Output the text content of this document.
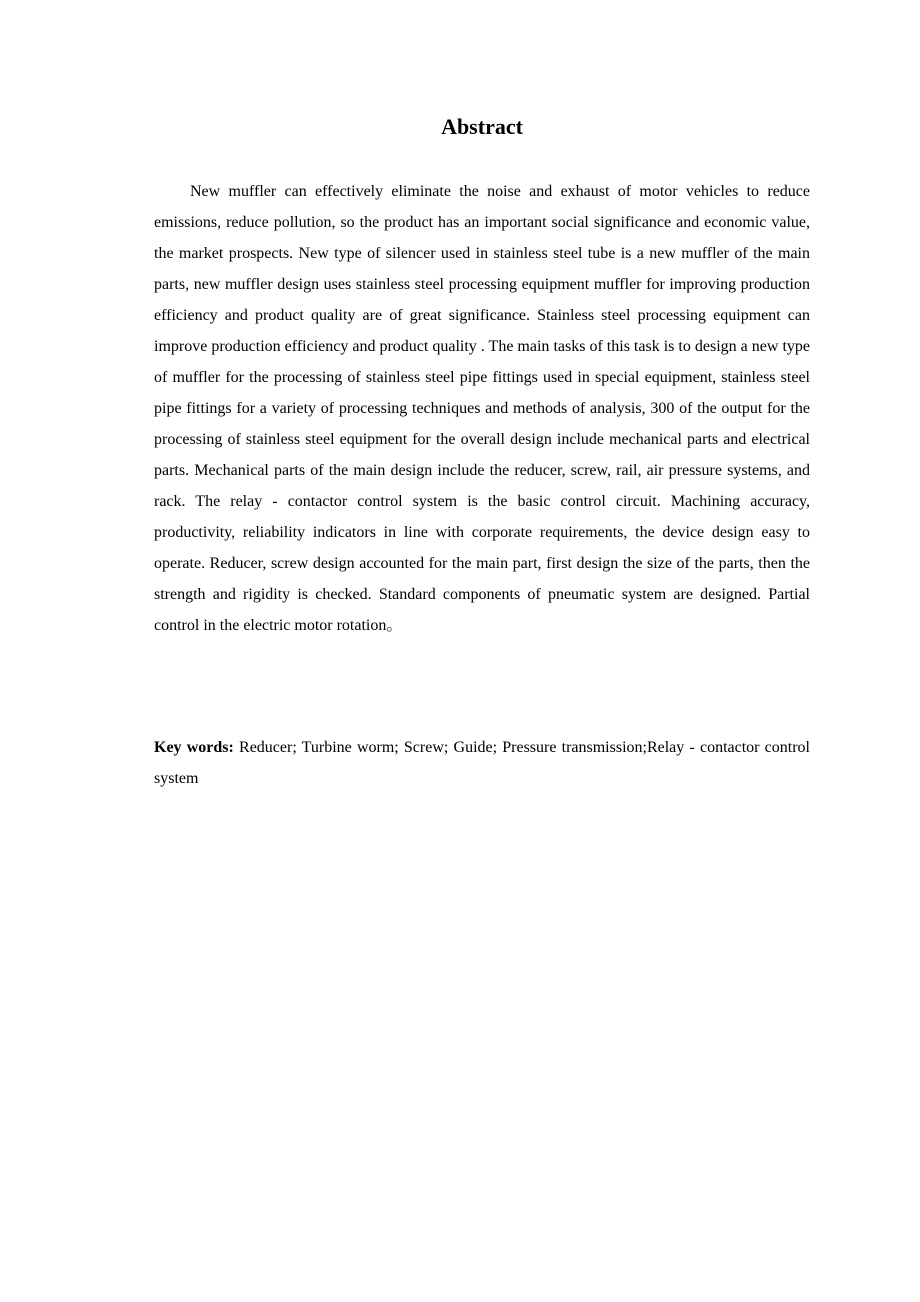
Abstract

New muffler can effectively eliminate the noise and exhaust of motor vehicles to reduce emissions, reduce pollution, so the product has an important social significance and economic value, the market prospects. New type of silencer used in stainless steel tube is a new muffler of the main parts, new muffler design uses stainless steel processing equipment muffler for improving production efficiency and product quality are of great significance. Stainless steel processing equipment can improve production efficiency and product quality . The main tasks of this task is to design a new type of muffler for the processing of stainless steel pipe fittings used in special equipment, stainless steel pipe fittings for a variety of processing techniques and methods of analysis, 300 of the output for the processing of stainless steel equipment for the overall design include mechanical parts and electrical parts. Mechanical parts of the main design include the reducer, screw, rail, air pressure systems, and rack. The relay - contactor control system is the basic control circuit. Machining accuracy, productivity, reliability indicators in line with corporate requirements, the device design easy to operate. Reducer, screw design accounted for the main part, first design the size of the parts, then the strength and rigidity is checked. Standard components of pneumatic system are designed. Partial control in the electric motor rotation。

Key words: Reducer; Turbine worm; Screw; Guide; Pressure transmission;Relay - contactor control system
